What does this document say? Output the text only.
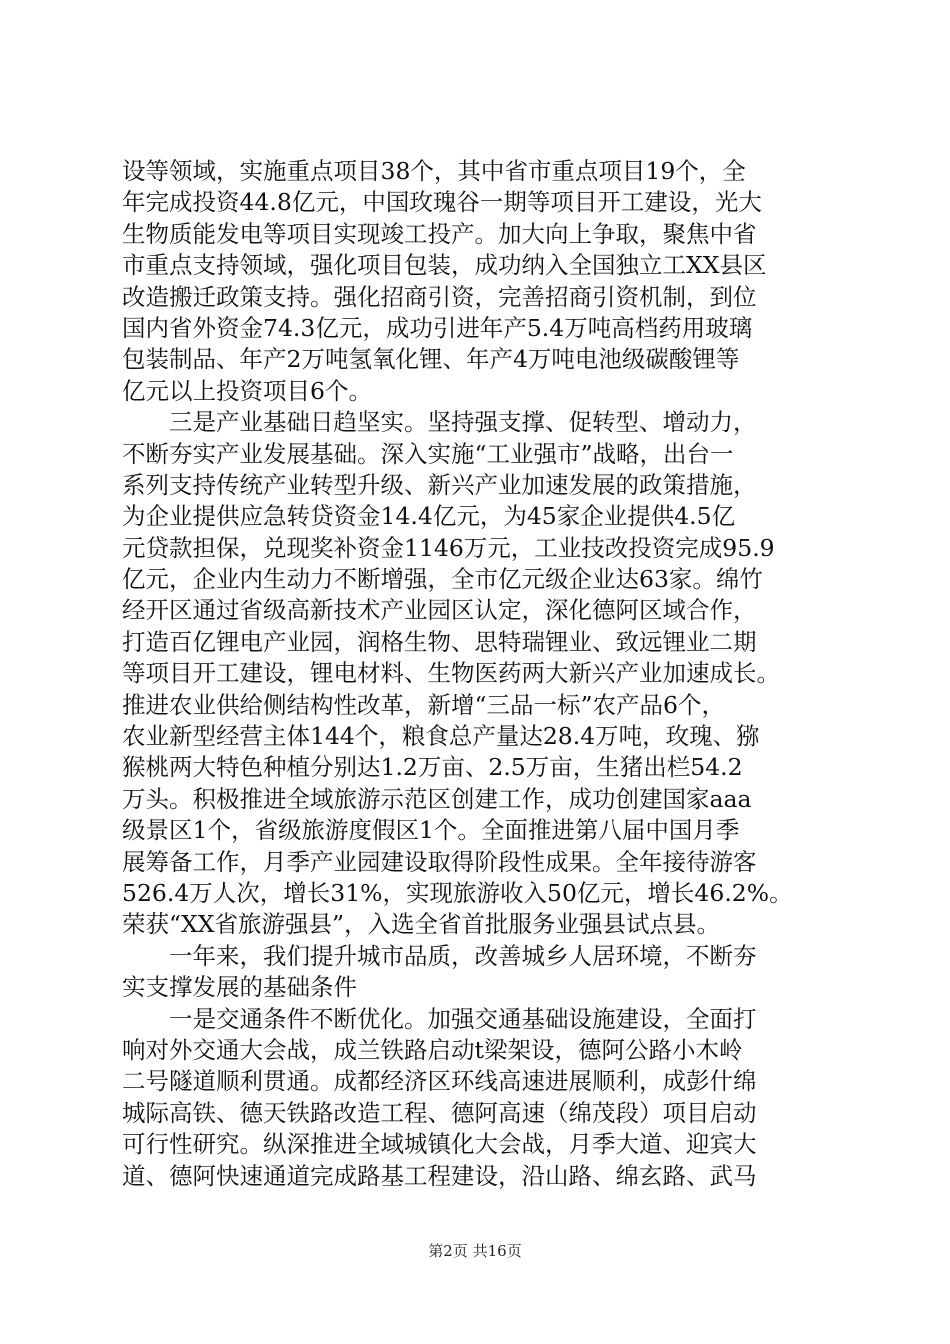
设等领域，实施重点项目38个，其中省市重点项目19个，全
年完成投资44.8亿元，中国玫瑰谷一期等项目开工建设，光大
生物质能发电等项目实现竣工投产。加大向上争取，聚焦中省
市重点支持领域，强化项目包装，成功纳入全国独立工XX县区
改造搬迁政策支持。强化招商引资，完善招商引资机制，到位
国内省外资金74.3亿元，成功引进年产5.4万吨高档药用玻璃
包装制品、年产2万吨氢氧化锂、年产4万吨电池级碳酸锂等
亿元以上投资项目6个。
　　三是产业基础日趋坚实。坚持强支撑、促转型、增动力，
不断夯实产业发展基础。深入实施“工业强市”战略，出台一
系列支持传统产业转型升级、新兴产业加速发展的政策措施，
为企业提供应急转贷资金14.4亿元，为45家企业提供4.5亿
元贷款担保，兑现奖补资金1146万元，工业技改投资完成95.9
亿元，企业内生动力不断增强，全市亿元级企业达63家。绵竹
经开区通过省级高新技术产业园区认定，深化德阿区域合作，
打造百亿锂电产业园，润格生物、思特瑞锂业、致远锂业二期
等项目开工建设，锂电材料、生物医药两大新兴产业加速成长。
推进农业供给侧结构性改革，新增“三品一标”农产品6个，
农业新型经营主体144个，粮食总产量达28.4万吨，玫瑰、猕
猴桃两大特色种植分别达1.2万亩、2.5万亩，生猪出栏54.2
万头。积极推进全域旅游示范区创建工作，成功创建国家aaa
级景区1个，省级旅游度假区1个。全面推进第八届中国月季
展筹备工作，月季产业园建设取得阶段性成果。全年接待游客
526.4万人次，增长31%，实现旅游收入50亿元，增长46.2%。
荣获“XX省旅游强县”，入选全省首批服务业强县试点县。
　　一年来，我们提升城市品质，改善城乡人居环境，不断夯
实支撑发展的基础条件
　　一是交通条件不断优化。加强交通基础设施建设，全面打
响对外交通大会战，成兰铁路启动t梁架设，德阿公路小木岭
二号隧道顺利贯通。成都经济区环线高速进展顺利，成彭什绵
城际高铁、德天铁路改造工程、德阿高速（绵茂段）项目启动
可行性研究。纵深推进全域城镇化大会战，月季大道、迎宾大
道、德阿快速通道完成路基工程建设，沿山路、绵玄路、武马
第2页 共16页
